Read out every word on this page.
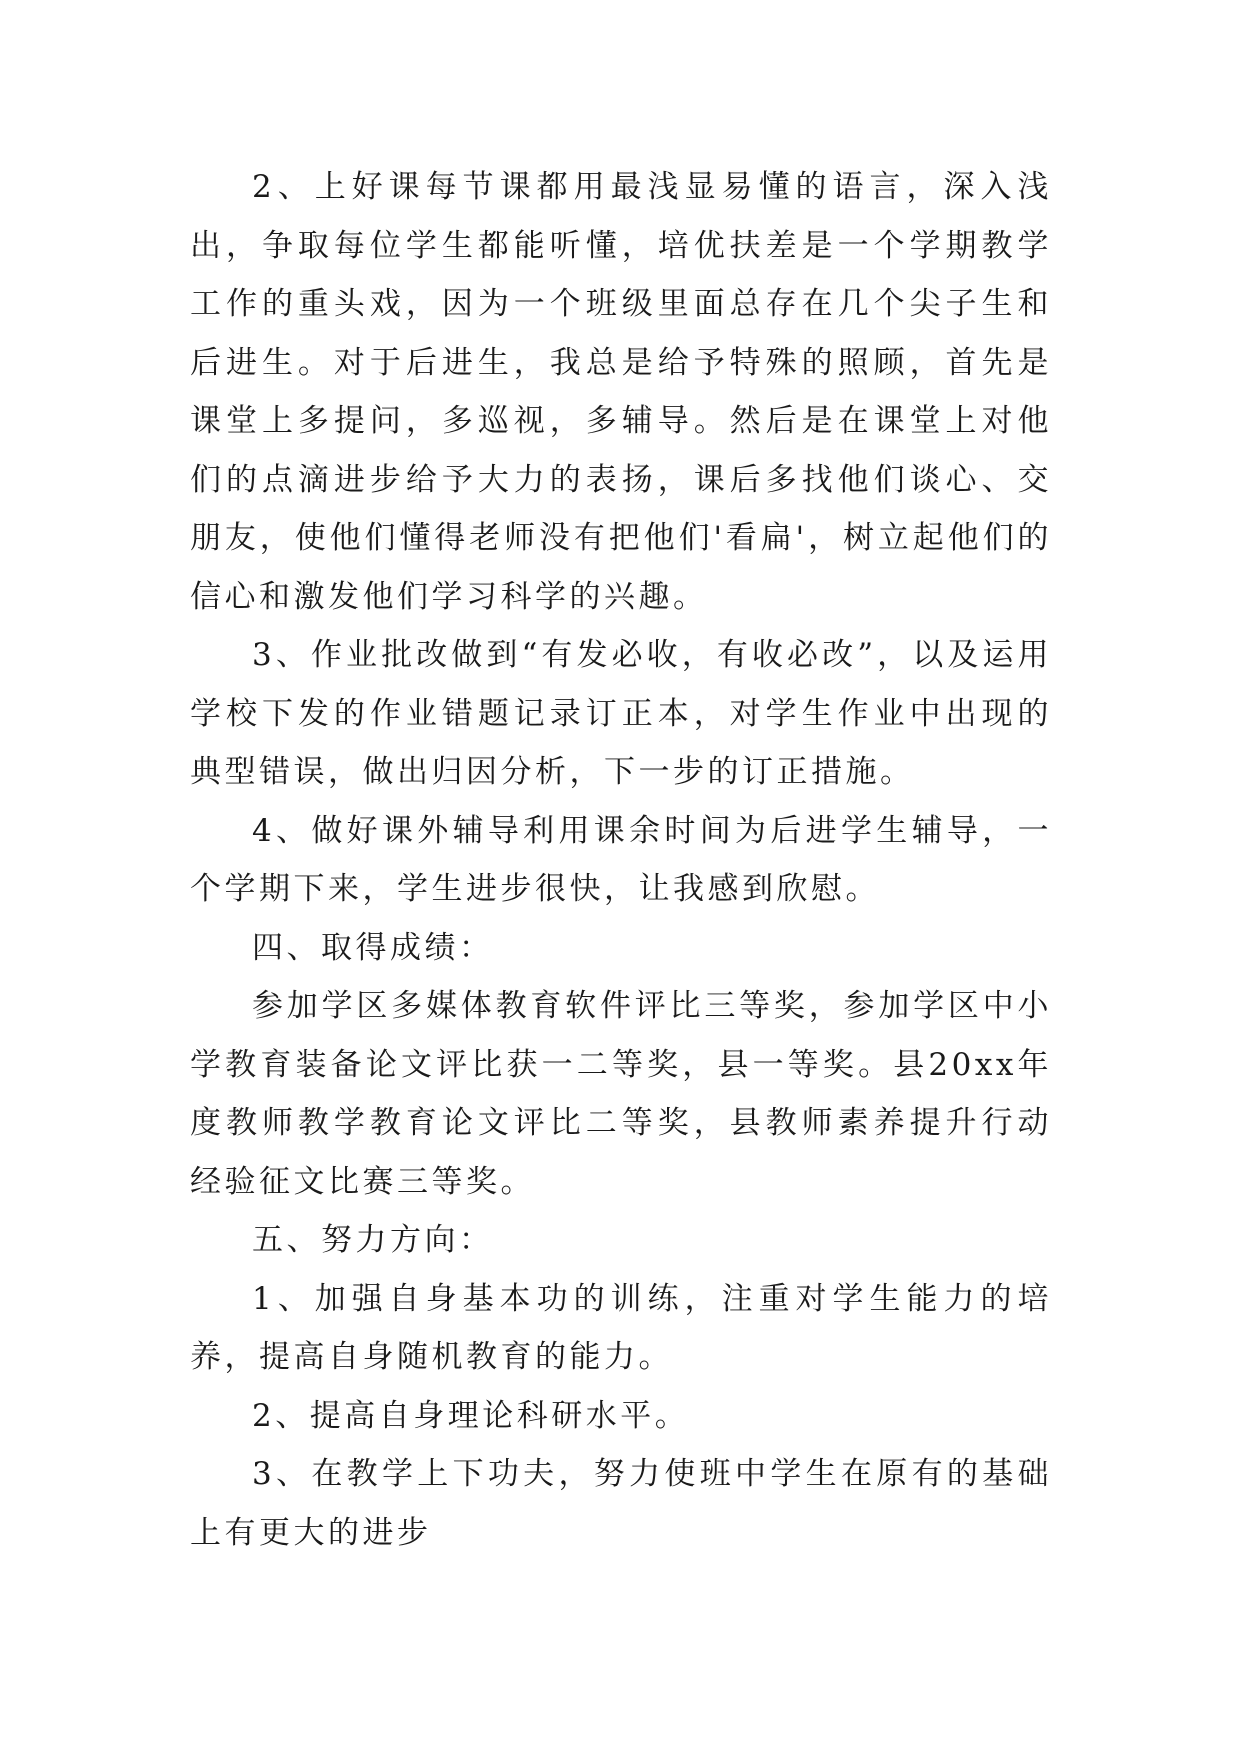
2、上好课每节课都用最浅显易懂的语言，深入浅出，争取每位学生都能听懂，培优扶差是一个学期教学工作的重头戏，因为一个班级里面总存在几个尖子生和后进生。对于后进生，我总是给予特殊的照顾，首先是课堂上多提问，多巡视，多辅导。然后是在课堂上对他们的点滴进步给予大力的表扬，课后多找他们谈心、交朋友，使他们懂得老师没有把他们'看扁'，树立起他们的信心和激发他们学习科学的兴趣。

3、作业批改做到“有发必收，有收必改”，以及运用学校下发的作业错题记录订正本，对学生作业中出现的典型错误，做出归因分析，下一步的订正措施。

4、做好课外辅导利用课余时间为后进学生辅导，一个学期下来，学生进步很快，让我感到欣慰。

四、取得成绩：

参加学区多媒体教育软件评比三等奖，参加学区中小学教育装备论文评比获一二等奖，县一等奖。县20xx年度教师教学教育论文评比二等奖，县教师素养提升行动经验征文比赛三等奖。

五、努力方向：

1、加强自身基本功的训练，注重对学生能力的培养，提高自身随机教育的能力。

2、提高自身理论科研水平。

3、在教学上下功夫，努力使班中学生在原有的基础上有更大的进步
